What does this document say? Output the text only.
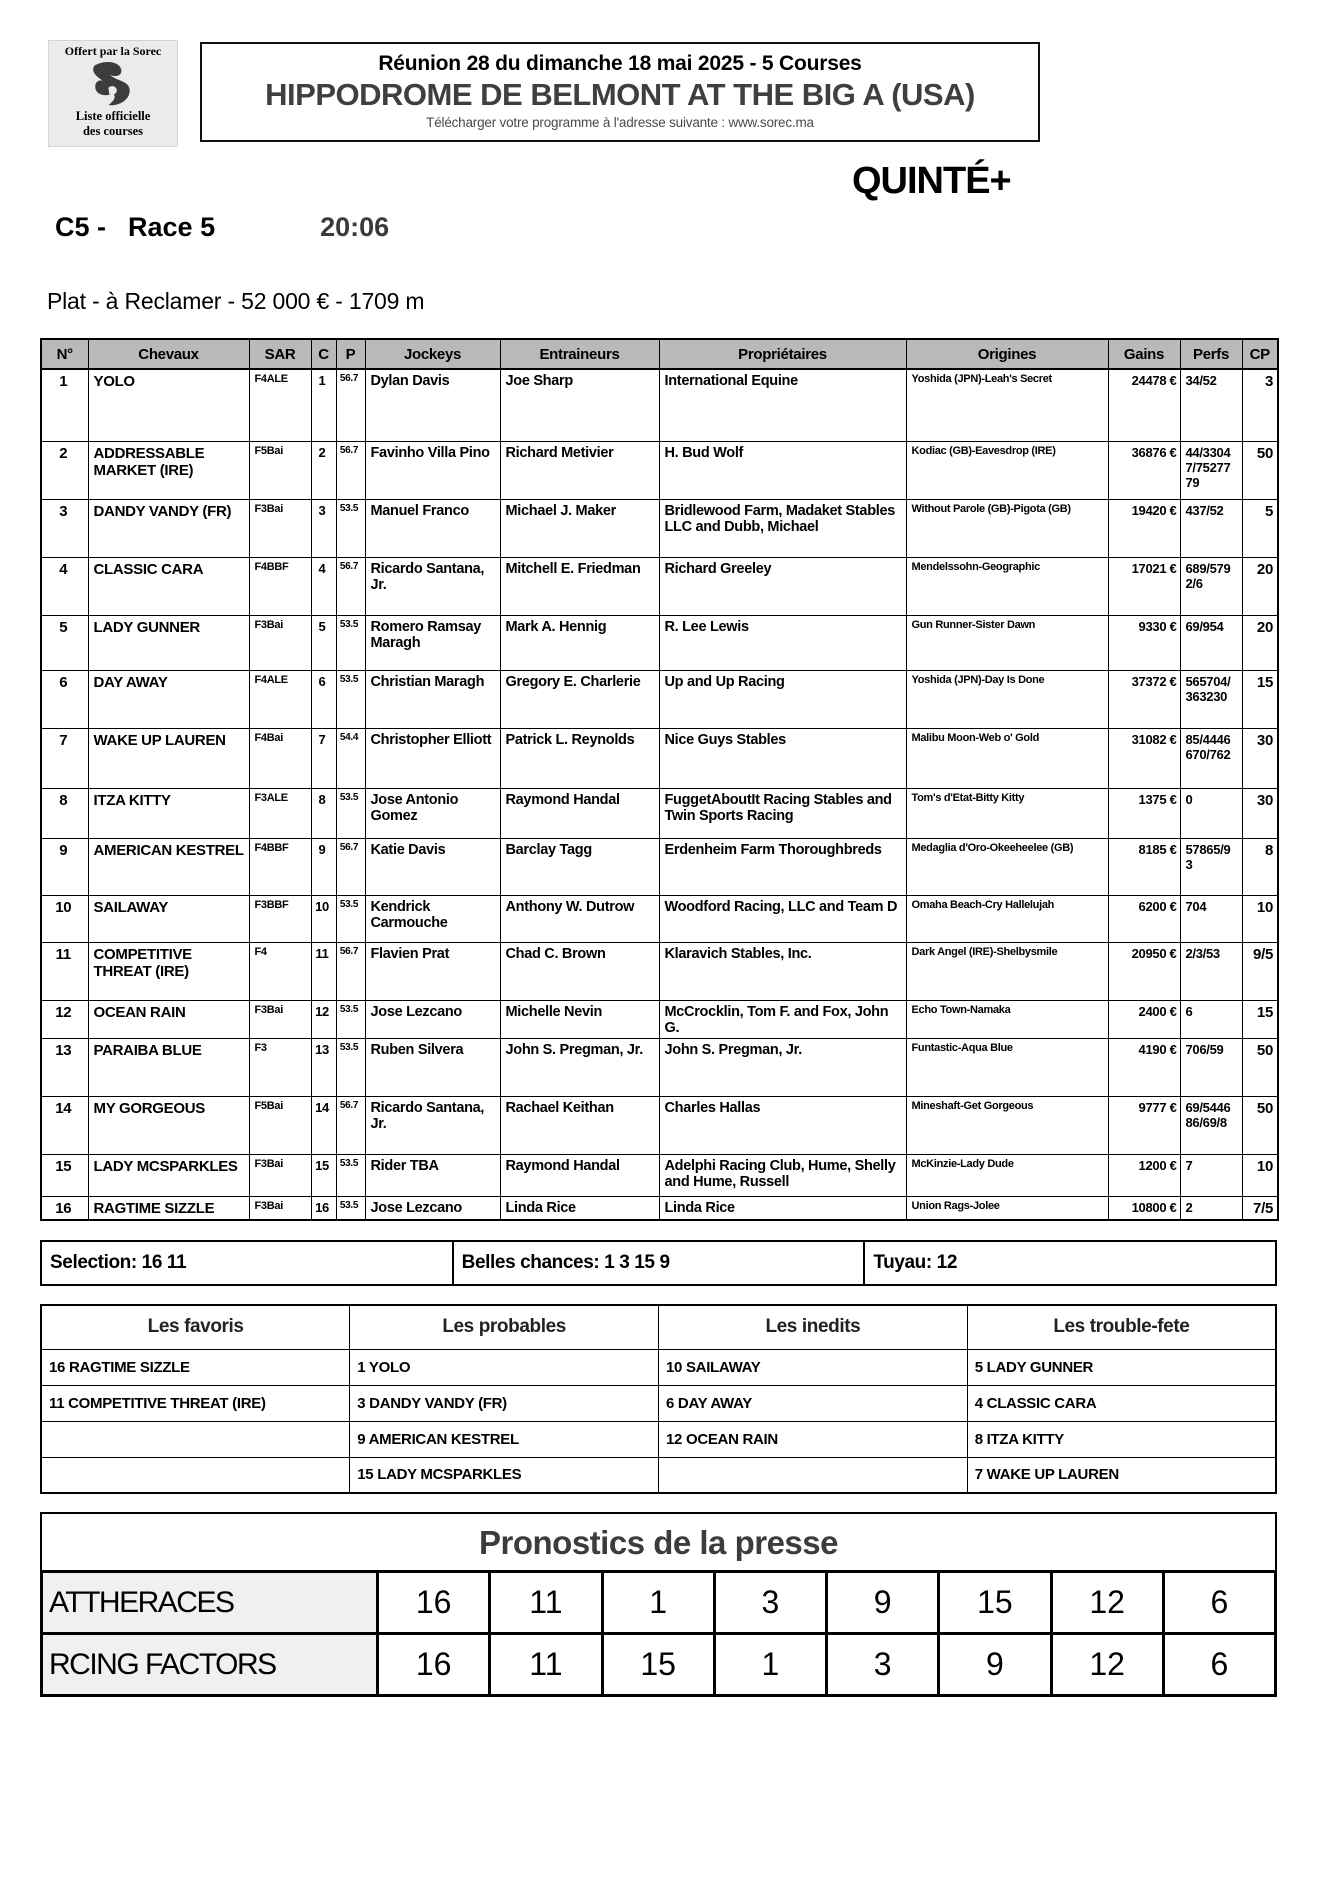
Offert par la Sorec
Liste officielle
des courses
Réunion 28 du dimanche 18 mai 2025 - 5 Courses
HIPPODROME DE BELMONT AT THE BIG A (USA)
Télécharger votre programme à l'adresse suivante : www.sorec.ma
QUINTÉ+
C5 - Race 5	20:06
Plat - à Reclamer - 52 000 € - 1709 m
N°	Chevaux	SAR	C	P	Jockeys	Entraineurs	Propriétaires	Origines	Gains	Perfs	CP
1	YOLO	F4ALE	1	56.7	Dylan Davis	Joe Sharp	International Equine	Yoshida (JPN)-Leah's Secret	24478 €	34/52	3
2	ADDRESSABLE MARKET (IRE)	F5Bai	2	56.7	Favinho Villa Pino	Richard Metivier	H. Bud Wolf	Kodiac (GB)-Eavesdrop (IRE)	36876 €	44/3304 7/75277 79	50
3	DANDY VANDY (FR)	F3Bai	3	53.5	Manuel Franco	Michael J. Maker	Bridlewood Farm, Madaket Stables LLC and Dubb, Michael	Without Parole (GB)-Pigota (GB)	19420 €	437/52	5
4	CLASSIC CARA	F4BBF	4	56.7	Ricardo Santana, Jr.	Mitchell E. Friedman	Richard Greeley	Mendelssohn-Geographic	17021 €	689/579 2/6	20
5	LADY GUNNER	F3Bai	5	53.5	Romero Ramsay Maragh	Mark A. Hennig	R. Lee Lewis	Gun Runner-Sister Dawn	9330 €	69/954	20
6	DAY AWAY	F4ALE	6	53.5	Christian Maragh	Gregory E. Charlerie	Up and Up Racing	Yoshida (JPN)-Day Is Done	37372 €	565704/ 363230	15
7	WAKE UP LAUREN	F4Bai	7	54.4	Christopher Elliott	Patrick L. Reynolds	Nice Guys Stables	Malibu Moon-Web o' Gold	31082 €	85/4446 670/762	30
8	ITZA KITTY	F3ALE	8	53.5	Jose Antonio Gomez	Raymond Handal	FuggetAboutIt Racing Stables and Twin Sports Racing	Tom's d'Etat-Bitty Kitty	1375 €	0	30
9	AMERICAN KESTREL	F4BBF	9	56.7	Katie Davis	Barclay Tagg	Erdenheim Farm Thoroughbreds	Medaglia d'Oro-Okeeheelee (GB)	8185 €	57865/9 3	8
10	SAILAWAY	F3BBF	10	53.5	Kendrick Carmouche	Anthony W. Dutrow	Woodford Racing, LLC and Team D	Omaha Beach-Cry Hallelujah	6200 €	704	10
11	COMPETITIVE THREAT (IRE)	F4	11	56.7	Flavien Prat	Chad C. Brown	Klaravich Stables, Inc.	Dark Angel (IRE)-Shelbysmile	20950 €	2/3/53	9/5
12	OCEAN RAIN	F3Bai	12	53.5	Jose Lezcano	Michelle Nevin	McCrocklin, Tom F. and Fox, John G.	Echo Town-Namaka	2400 €	6	15
13	PARAIBA BLUE	F3	13	53.5	Ruben Silvera	John S. Pregman, Jr.	John S. Pregman, Jr.	Funtastic-Aqua Blue	4190 €	706/59	50
14	MY GORGEOUS	F5Bai	14	56.7	Ricardo Santana, Jr.	Rachael Keithan	Charles Hallas	Mineshaft-Get Gorgeous	9777 €	69/5446 86/69/8	50
15	LADY MCSPARKLES	F3Bai	15	53.5	Rider TBA	Raymond Handal	Adelphi Racing Club, Hume, Shelly and Hume, Russell	McKinzie-Lady Dude	1200 €	7	10
16	RAGTIME SIZZLE	F3Bai	16	53.5	Jose Lezcano	Linda Rice	Linda Rice	Union Rags-Jolee	10800 €	2	7/5
Selection: 16 11	Belles chances: 1 3 15 9	Tuyau: 12
Les favoris	Les probables	Les inedits	Les trouble-fete
16 RAGTIME SIZZLE	1 YOLO	10 SAILAWAY	5 LADY GUNNER
11 COMPETITIVE THREAT (IRE)	3 DANDY VANDY (FR)	6 DAY AWAY	4 CLASSIC CARA
	9 AMERICAN KESTREL	12 OCEAN RAIN	8 ITZA KITTY
	15 LADY MCSPARKLES		7 WAKE UP LAUREN
Pronostics de la presse
ATTHERACES	16	11	1	3	9	15	12	6
RCING FACTORS	16	11	15	1	3	9	12	6
